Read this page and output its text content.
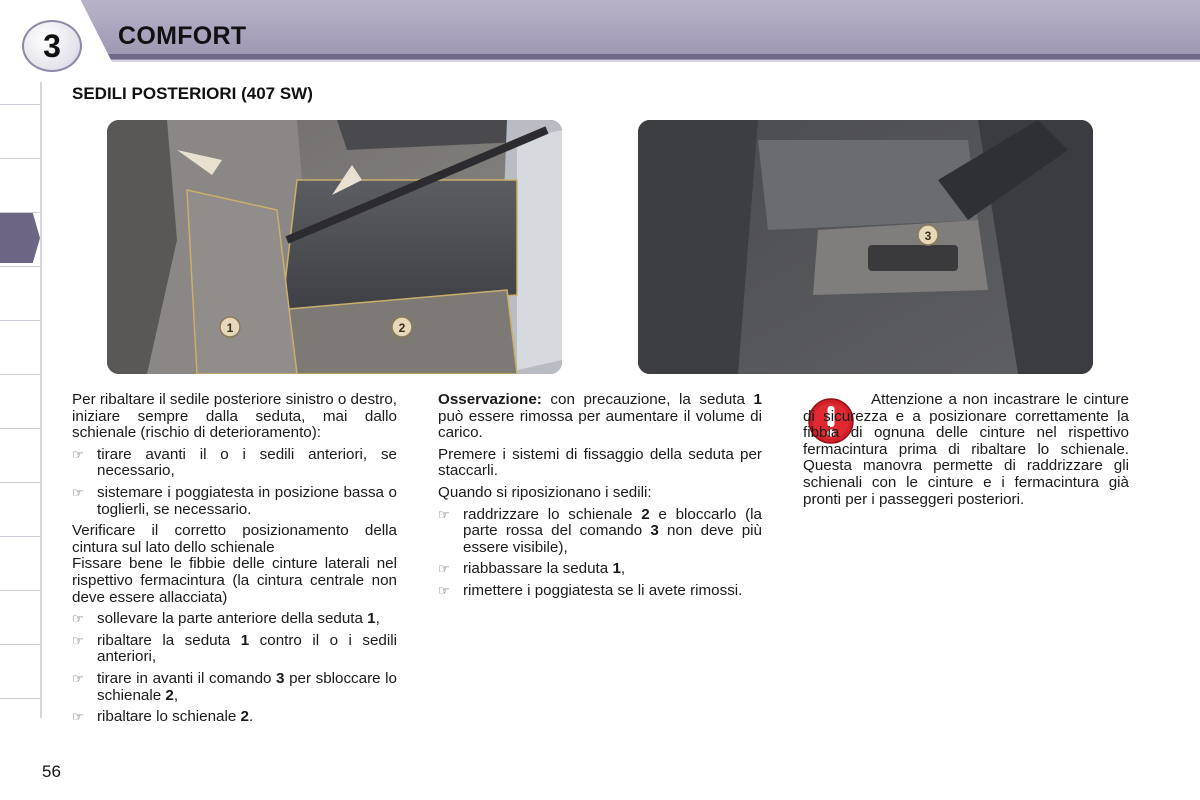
3	COMFORT
SEDILI POSTERIORI (407 SW)
1	2
3

Per ribaltare il sedile posteriore sinistro o destro, iniziare sempre dalla seduta, mai dallo schienale (rischio di deterioramento):

☞ tirare avanti il o i sedili anteriori, se necessario,
☞ sistemare i poggiatesta in posizione bassa o toglierli, se necessario.

Verificare il corretto posizionamento della cintura sul lato dello schienale

Fissare bene le fibbie delle cinture laterali nel rispettivo fermacintura (la cintura centrale non deve essere allacciata)

☞ sollevare la parte anteriore della seduta 1,
☞ ribaltare la seduta 1 contro il o i sedili anteriori,
☞ tirare in avanti il comando 3 per sbloccare lo schienale 2,
☞ ribaltare lo schienale 2.

Osservazione: con precauzione, la seduta 1 può essere rimossa per aumentare il volume di carico.

Premere i sistemi di fissaggio della seduta per staccarli.

Quando si riposizionano i sedili:

☞ raddrizzare lo schienale 2 e bloccarlo (la parte rossa del comando 3 non deve più essere visibile),
☞ riabbassare la seduta 1,
☞ rimettere i poggiatesta se li avete rimossi.

Attenzione a non incastrare le cinture di sicurezza e a posizionare correttamente la fibbia di ognuna delle cinture nel rispettivo fermacintura prima di ribaltare lo schienale. Questa manovra permette di raddrizzare gli schienali con le cinture e i fermacintura già pronti per i passeggeri posteriori.

56
